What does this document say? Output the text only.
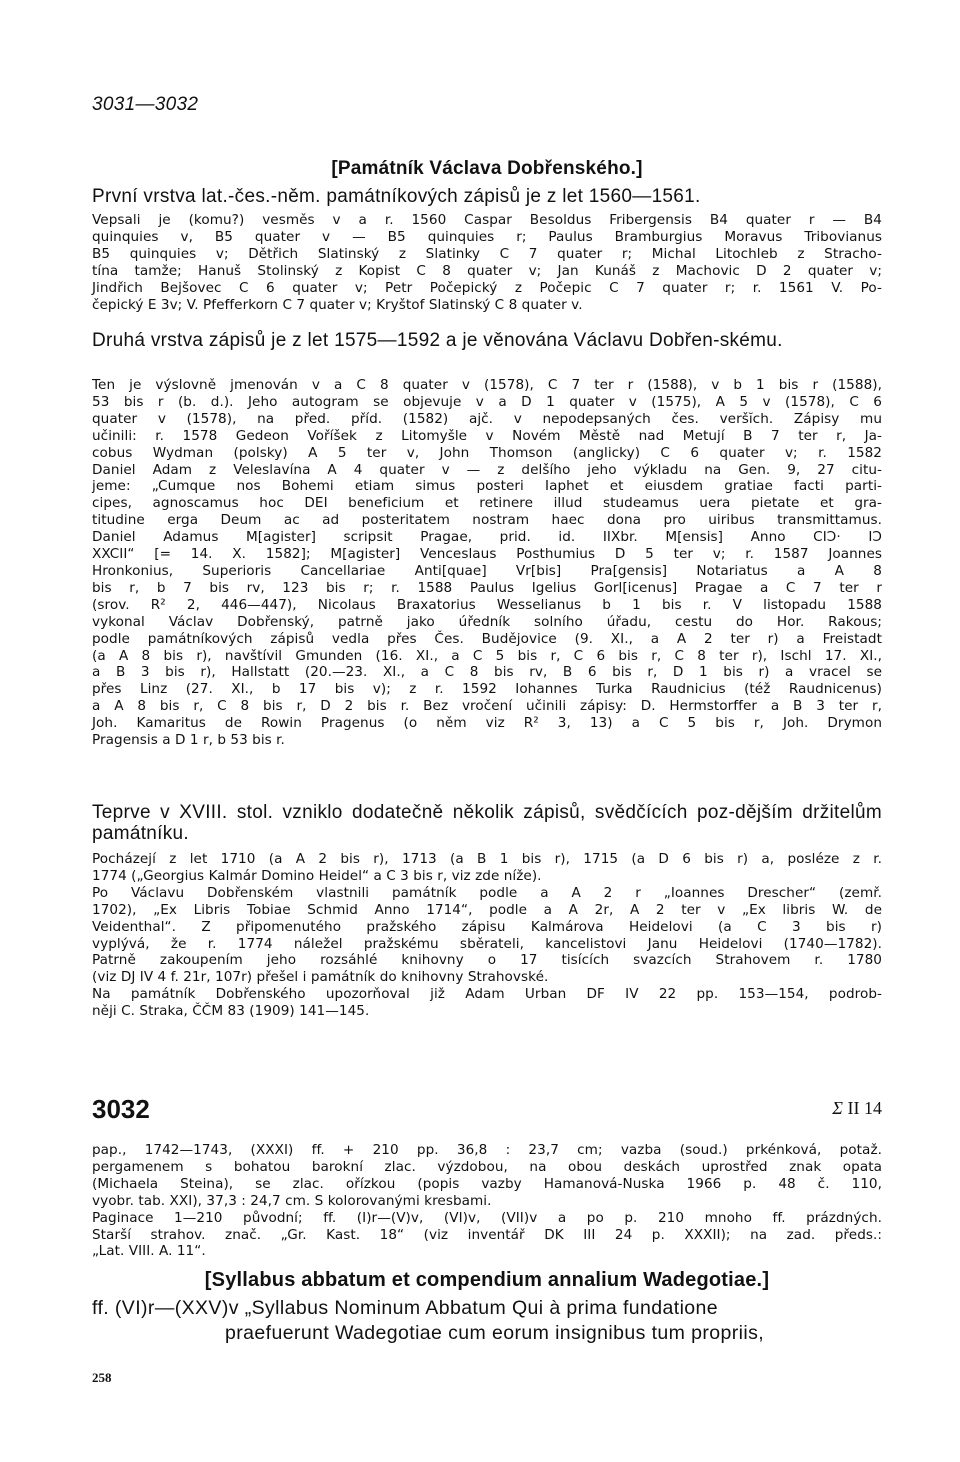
3031—3032
[Památník Václava Dobřenského.]
První vrstva lat.-čes.-něm. památníkových zápisů je z let 1560—1561.

Vepsali je (komu?) vesměs v a r. 1560 Caspar Besoldus Fribergensis B4 quater r — B4

quinquies v, B5 quater v — B5 quinquies r; Paulus Bramburgius Moravus Tribovianus

B5 quinquies v; Dětřich Slatinský z Slatinky C 7 quater r; Michal Litochleb z Stracho-

tína tamže; Hanuš Stolinský z Kopist C 8 quater v; Jan Kunáš z Machovic D 2 quater v;

Jindřich Bejšovec C 6 quater v; Petr Počepický z Počepic C 7 quater r; r. 1561 V. Po-

čepický E 3v; V. Pfefferkorn C 7 quater v; Kryštof Slatinský C 8 quater v.

Druhá vrstva zápisů je z let 1575—1592 a je věnována Václavu Dobřen-skému.

Ten je výslovně jmenován v a C 8 quater v (1578), C 7 ter r (1588), v b 1 bis r (1588),

53 bis r (b. d.). Jeho autogram se objevuje v a D 1 quater v (1575), A 5 v (1578), C 6

quater v (1578), na před. příd. (1582) ajč. v nepodepsaných čes. veršĭch. Zápisy mu

učinili: r. 1578 Gedeon Voříšek z Litomyšle v Novém Městě nad Metují B 7 ter r, Ja-

cobus Wydman (polsky) A 5 ter v, John Thomson (anglicky) C 6 quater v; r. 1582

Daniel Adam z Veleslavína A 4 quater v — z delšího jeho výkladu na Gen. 9, 27 citu-

jeme: „Cumque nos Bohemi etiam simus posteri Iaphet et eiusdem gratiae facti parti-

cipes, agnoscamus hoc DEI beneficium et retinere illud studeamus uera pietate et gra-

titudine erga Deum ac ad posteritatem nostram haec dona pro uiribus transmittamus.

Daniel Adamus M[agister] scripsit Pragae, prid. id. IIXbr. M[ensis] Anno CIↃ· IↃ

XXCII“ [= 14. X. 1582]; M[agister] Venceslaus Posthumius D 5 ter v; r. 1587 Joannes

Hronkonius, Superioris Cancellariae Anti[quae] Vr[bis] Pra[gensis] Notariatus a A 8

bis r, b 7 bis rv, 123 bis r; r. 1588 Paulus Igelius Gorl[icenus] Pragae a C 7 ter r

(srov. R² 2, 446—447), Nicolaus Braxatorius Wesselianus b 1 bis r. V listopadu 1588

vykonal Václav Dobřenský, patrně jako úředník solního úřadu, cestu do Hor. Rakous;

podle památníkových zápisů vedla přes Čes. Budějovice (9. XI., a A 2 ter r) a Freistadt

(a A 8 bis r), navštívil Gmunden (16. XI., a C 5 bis r, C 6 bis r, C 8 ter r), Ischl 17. XI.,

a B 3 bis r), Hallstatt (20.—23. XI., a C 8 bis rv, B 6 bis r, D 1 bis r) a vracel se

přes Linz (27. XI., b 17 bis v); z r. 1592 Iohannes Turka Raudnicius (též Raudnicenus)

a A 8 bis r, C 8 bis r, D 2 bis r. Bez vročení učinili zápisy: D. Hermstorffer a B 3 ter r,

Joh. Kamaritus de Rowin Pragenus (o něm viz R² 3, 13) a C 5 bis r, Joh. Drymon

Pragensis a D 1 r, b 53 bis r.

Teprve v XVIII. stol. vzniklo dodatečně několik zápisů, svědčících poz-dějším držitelům památníku.

Pocházejí z let 1710 (a A 2 bis r), 1713 (a B 1 bis r), 1715 (a D 6 bis r) a, posléze z r.

1774 („Georgius Kalmár Domino Heidel“ a C 3 bis r, viz zde níže).

Po Václavu Dobřenském vlastnili památník podle a A 2 r „Ioannes Drescher“ (zemř.

1702), „Ex Libris Tobiae Schmid Anno 1714“, podle a A 2r, A 2 ter v „Ex libris W. de

Veidenthal“. Z připomenutého pražského zápisu Kalmárova Heidelovi (a C 3 bis r)

vyplývá, že r. 1774 náležel pražskému sběrateli, kancelistovi Janu Heidelovi (1740—1782).

Patrně zakoupením jeho rozsáhlé knihovny o 17 tisících svazcích Strahovem r. 1780

(viz DJ IV 4 f. 21r, 107r) přešel i památník do knihovny Strahovské.

Na památník Dobřenského upozorňoval již Adam Urban DF IV 22 pp. 153—154, podrob-

něji C. Straka, ČČM 83 (1909) 141—145.

3032	Σ II 14

pap., 1742—1743, (XXXI) ff. + 210 pp. 36,8 : 23,7 cm; vazba (soud.) prkénková, potaž.

pergamenem s bohatou barokní zlac. výzdobou, na obou deskách uprostřed znak opata

(Michaela Steina), se zlac. ořízkou (popis vazby Hamanová-Nuska 1966 p. 48 č. 110,

vyobr. tab. XXI), 37,3 : 24,7 cm. S kolorovanými kresbami.

Paginace 1—210 původní; ff. (I)r—(V)v, (VI)v, (VII)v a po p. 210 mnoho ff. prázdných.

Starší strahov. znač. „Gr. Kast. 18“ (viz inventář DK III 24 p. XXXII); na zad. předs.:

„Lat. VIII. A. 11“.

[Syllabus abbatum et compendium annalium Wadegotiae.]
ff. (VI)r—(XXV)v „Syllabus Nominum Abbatum Qui à prima fundatione
praefuerunt Wadegotiae cum eorum insignibus tum propriis,
258
